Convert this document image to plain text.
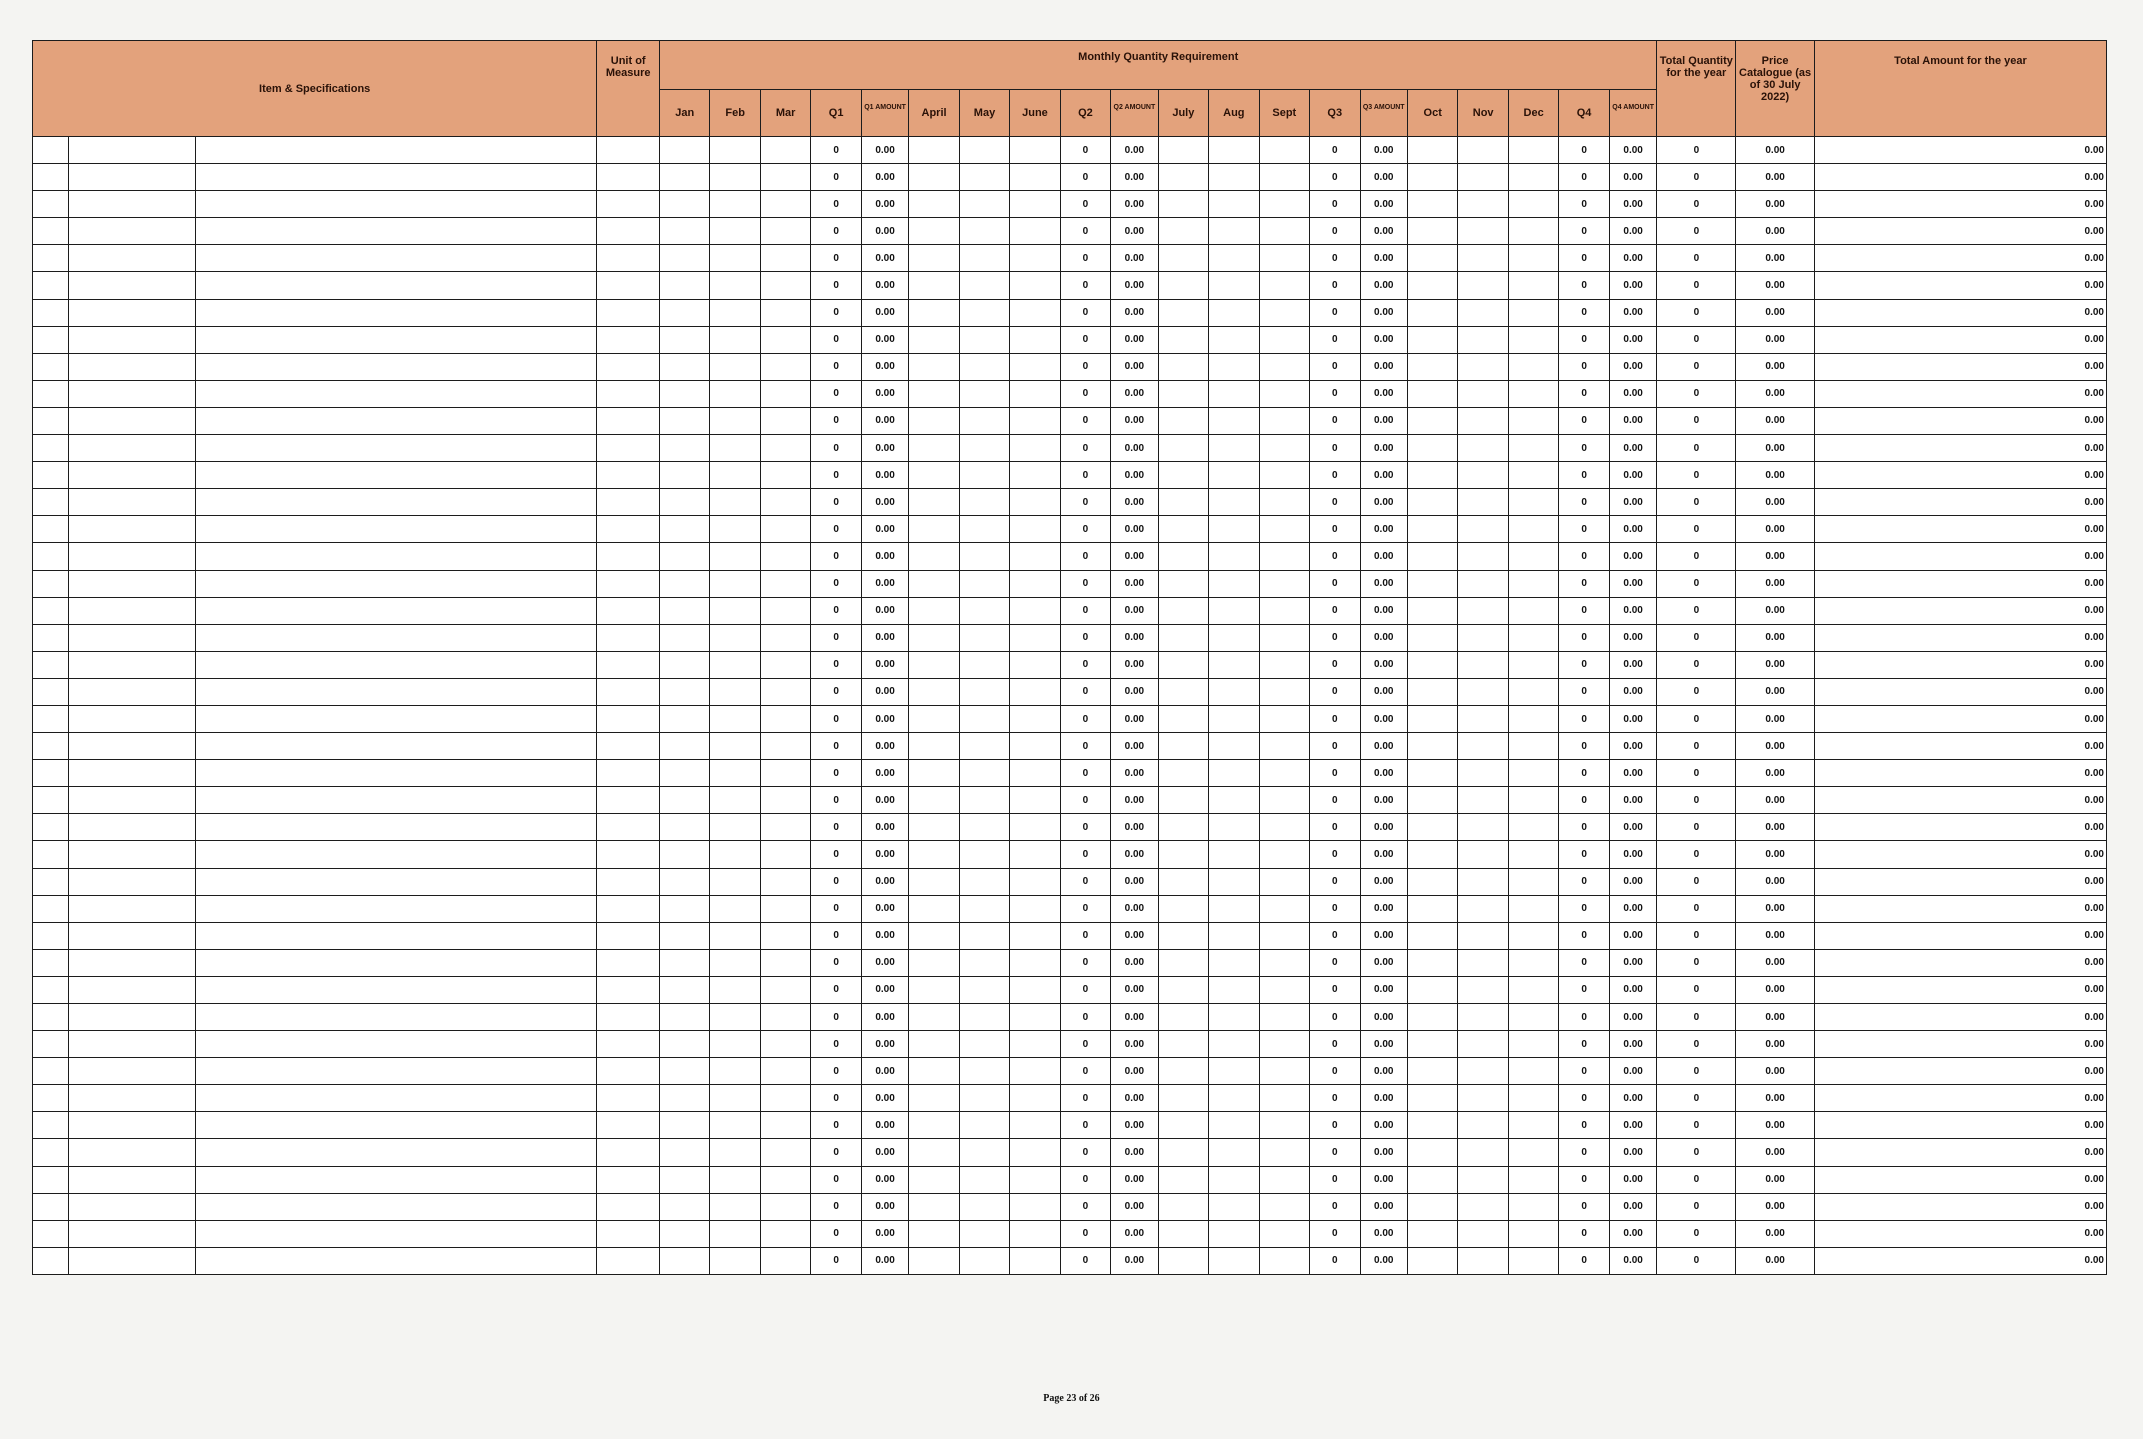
Item & Specifications			Unit of Measure	Monthly Quantity Requirement																				Total Quantity for the year	Price Catalogue (as of 30 July 2022)	Total Amount for the year
				Jan	Feb	Mar	Q1	Q1 AMOUNT	April	May	June	Q2	Q2 AMOUNT	July	Aug	Sept	Q3	Q3 AMOUNT	Oct	Nov	Dec	Q4	Q4 AMOUNT			
							0	0.00				0	0.00				0	0.00				0	0.00	0	0.00	0.00
							0	0.00				0	0.00				0	0.00				0	0.00	0	0.00	0.00
							0	0.00				0	0.00				0	0.00				0	0.00	0	0.00	0.00
							0	0.00				0	0.00				0	0.00				0	0.00	0	0.00	0.00
							0	0.00				0	0.00				0	0.00				0	0.00	0	0.00	0.00
							0	0.00				0	0.00				0	0.00				0	0.00	0	0.00	0.00
							0	0.00				0	0.00				0	0.00				0	0.00	0	0.00	0.00
							0	0.00				0	0.00				0	0.00				0	0.00	0	0.00	0.00
							0	0.00				0	0.00				0	0.00				0	0.00	0	0.00	0.00
							0	0.00				0	0.00				0	0.00				0	0.00	0	0.00	0.00
							0	0.00				0	0.00				0	0.00				0	0.00	0	0.00	0.00
							0	0.00				0	0.00				0	0.00				0	0.00	0	0.00	0.00
							0	0.00				0	0.00				0	0.00				0	0.00	0	0.00	0.00
							0	0.00				0	0.00				0	0.00				0	0.00	0	0.00	0.00
							0	0.00				0	0.00				0	0.00				0	0.00	0	0.00	0.00
							0	0.00				0	0.00				0	0.00				0	0.00	0	0.00	0.00
							0	0.00				0	0.00				0	0.00				0	0.00	0	0.00	0.00
							0	0.00				0	0.00				0	0.00				0	0.00	0	0.00	0.00
							0	0.00				0	0.00				0	0.00				0	0.00	0	0.00	0.00
							0	0.00				0	0.00				0	0.00				0	0.00	0	0.00	0.00
							0	0.00				0	0.00				0	0.00				0	0.00	0	0.00	0.00
							0	0.00				0	0.00				0	0.00				0	0.00	0	0.00	0.00
							0	0.00				0	0.00				0	0.00				0	0.00	0	0.00	0.00
							0	0.00				0	0.00				0	0.00				0	0.00	0	0.00	0.00
							0	0.00				0	0.00				0	0.00				0	0.00	0	0.00	0.00
							0	0.00				0	0.00				0	0.00				0	0.00	0	0.00	0.00
							0	0.00				0	0.00				0	0.00				0	0.00	0	0.00	0.00
							0	0.00				0	0.00				0	0.00				0	0.00	0	0.00	0.00
							0	0.00				0	0.00				0	0.00				0	0.00	0	0.00	0.00
							0	0.00				0	0.00				0	0.00				0	0.00	0	0.00	0.00
							0	0.00				0	0.00				0	0.00				0	0.00	0	0.00	0.00
							0	0.00				0	0.00				0	0.00				0	0.00	0	0.00	0.00
							0	0.00				0	0.00				0	0.00				0	0.00	0	0.00	0.00
							0	0.00				0	0.00				0	0.00				0	0.00	0	0.00	0.00
							0	0.00				0	0.00				0	0.00				0	0.00	0	0.00	0.00
							0	0.00				0	0.00				0	0.00				0	0.00	0	0.00	0.00
							0	0.00				0	0.00				0	0.00				0	0.00	0	0.00	0.00
							0	0.00				0	0.00				0	0.00				0	0.00	0	0.00	0.00
							0	0.00				0	0.00				0	0.00				0	0.00	0	0.00	0.00
							0	0.00				0	0.00				0	0.00				0	0.00	0	0.00	0.00
							0	0.00				0	0.00				0	0.00				0	0.00	0	0.00	0.00
							0	0.00				0	0.00				0	0.00				0	0.00	0	0.00	0.00
Page 23 of 26
